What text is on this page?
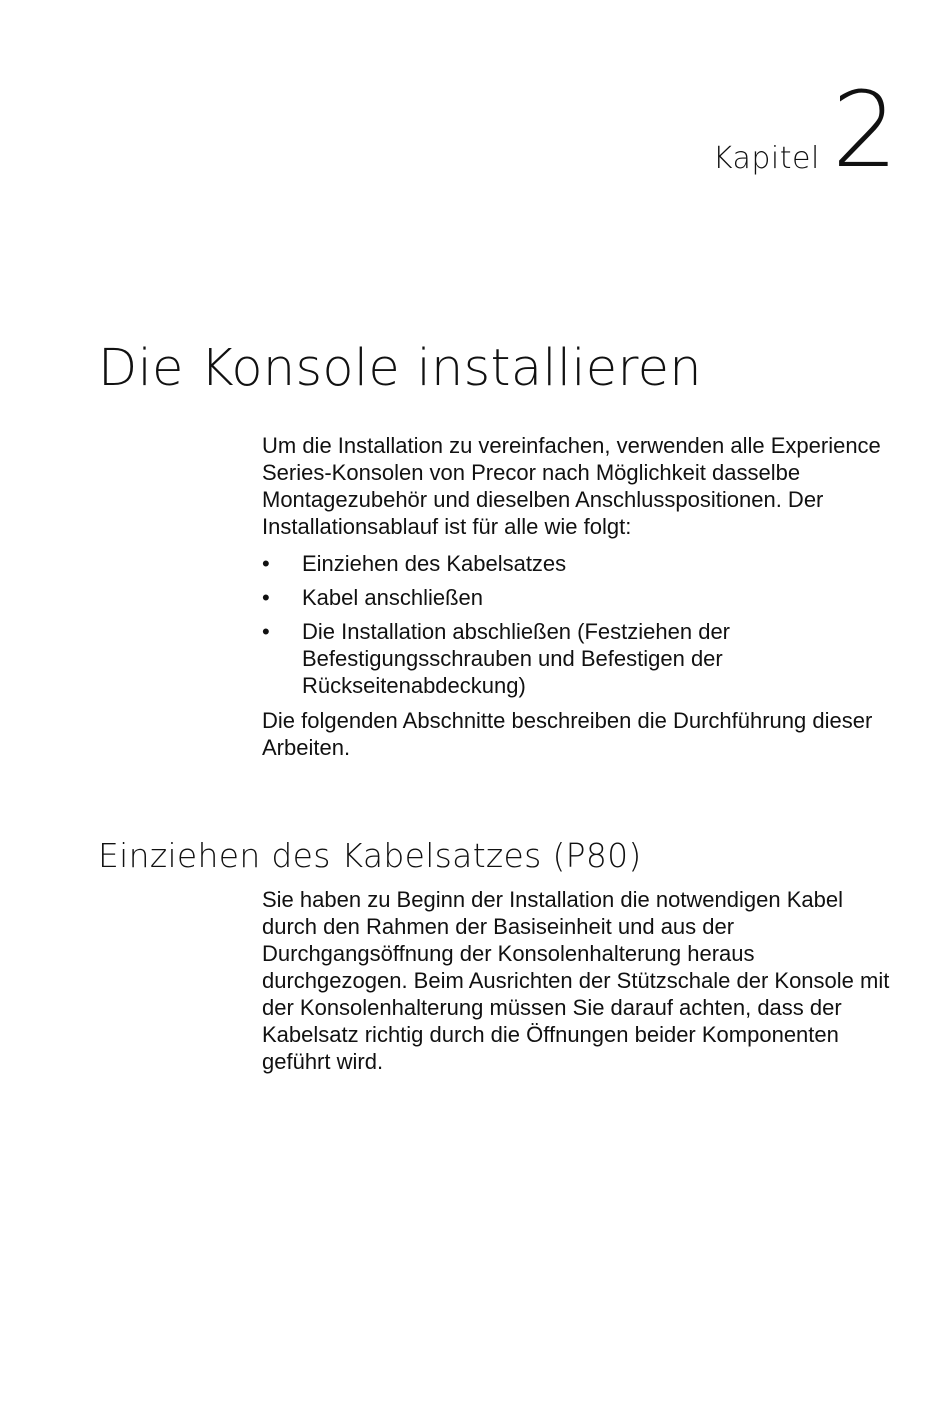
Kapitel 2
Die Konsole installieren

Um die Installation zu vereinfachen, verwenden alle Experience Series-Konsolen von Precor nach Möglichkeit dasselbe Montagezubehör und dieselben Anschlusspositionen. Der Installationsablauf ist für alle wie folgt:

• Einziehen des Kabelsatzes
• Kabel anschließen
• Die Installation abschließen (Festziehen der Befestigungsschrauben und Befestigen der Rückseitenabdeckung)

Die folgenden Abschnitte beschreiben die Durchführung dieser Arbeiten.

Einziehen des Kabelsatzes (P80)

Sie haben zu Beginn der Installation die notwendigen Kabel durch den Rahmen der Basiseinheit und aus der Durchgangsöffnung der Konsolenhalterung heraus durchgezogen. Beim Ausrichten der Stützschale der Konsole mit der Konsolenhalterung müssen Sie darauf achten, dass der Kabelsatz richtig durch die Öffnungen beider Komponenten geführt wird.
